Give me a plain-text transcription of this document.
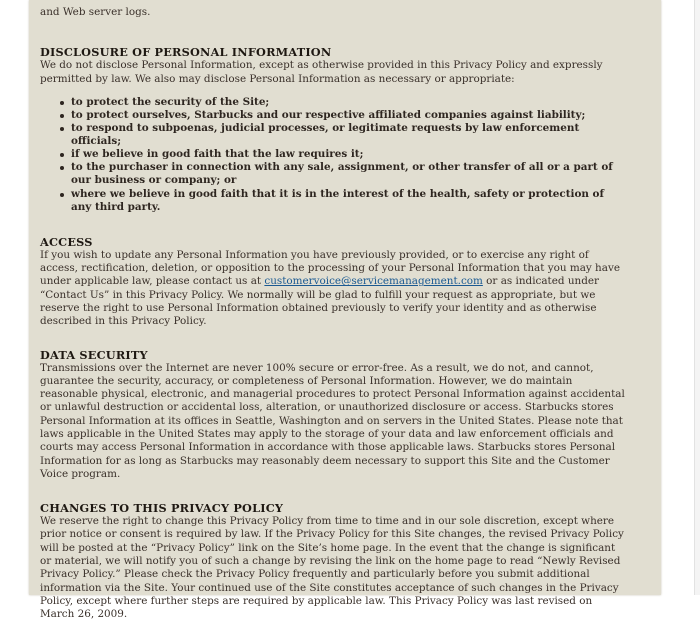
and Web server logs.

DISCLOSURE OF PERSONAL INFORMATION

We do not disclose Personal Information, except as otherwise provided in this Privacy Policy and expressly permitted by law. We also may disclose Personal Information as necessary or appropriate:

to protect the security of the Site;
to protect ourselves, Starbucks and our respective affiliated companies against liability;
to respond to subpoenas, judicial processes, or legitimate requests by law enforcement officials;
if we believe in good faith that the law requires it;
to the purchaser in connection with any sale, assignment, or other transfer of all or a part of our business or company; or
where we believe in good faith that it is in the interest of the health, safety or protection of any third party.
ACCESS

If you wish to update any Personal Information you have previously provided, or to exercise any right of access, rectification, deletion, or opposition to the processing of your Personal Information that you may have under applicable law, please contact us at customervoice@servicemanagement.com or as indicated under “Contact Us” in this Privacy Policy. We normally will be glad to fulfill your request as appropriate, but we reserve the right to use Personal Information obtained previously to verify your identity and as otherwise described in this Privacy Policy.

DATA SECURITY

Transmissions over the Internet are never 100% secure or error-free. As a result, we do not, and cannot, guarantee the security, accuracy, or completeness of Personal Information. However, we do maintain reasonable physical, electronic, and managerial procedures to protect Personal Information against accidental or unlawful destruction or accidental loss, alteration, or unauthorized disclosure or access. Starbucks stores Personal Information at its offices in Seattle, Washington and on servers in the United States. Please note that laws applicable in the United States may apply to the storage of your data and law enforcement officials and courts may access Personal Information in accordance with those applicable laws. Starbucks stores Personal Information for as long as Starbucks may reasonably deem necessary to support this Site and the Customer Voice program.

CHANGES TO THIS PRIVACY POLICY

We reserve the right to change this Privacy Policy from time to time and in our sole discretion, except where prior notice or consent is required by law. If the Privacy Policy for this Site changes, the revised Privacy Policy will be posted at the “Privacy Policy” link on the Site’s home page. In the event that the change is significant or material, we will notify you of such a change by revising the link on the home page to read “Newly Revised Privacy Policy.” Please check the Privacy Policy frequently and particularly before you submit additional information via the Site. Your continued use of the Site constitutes acceptance of such changes in the Privacy Policy, except where further steps are required by applicable law. This Privacy Policy was last revised on March 26, 2009.
